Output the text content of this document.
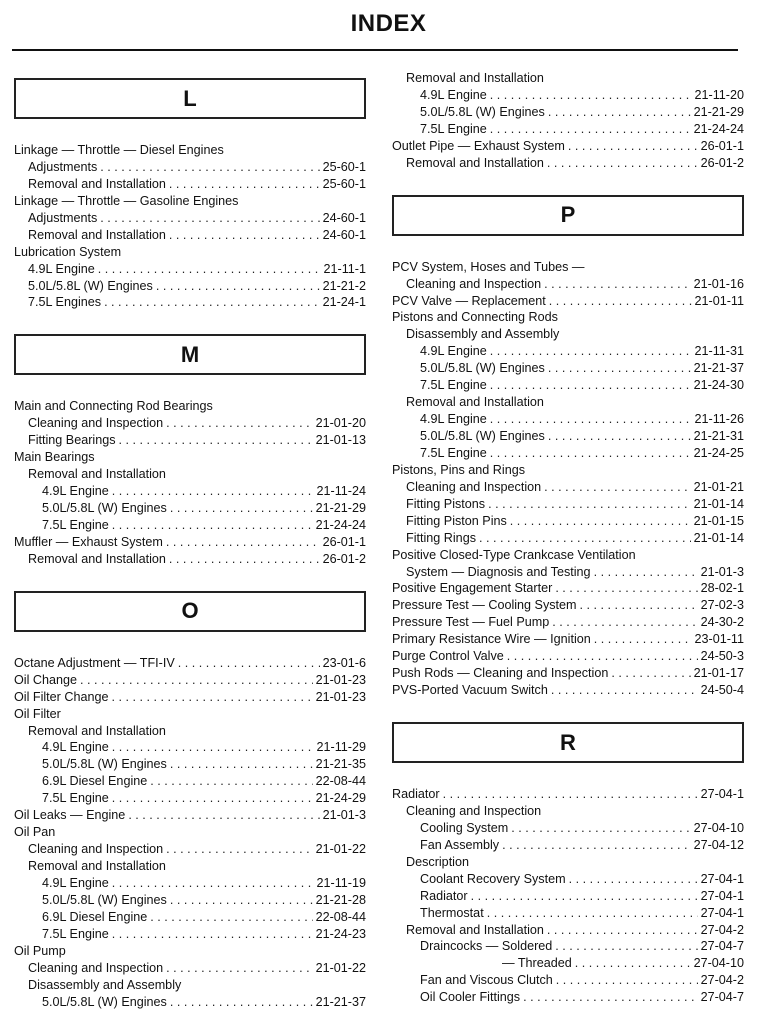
INDEX
L
Linkage — Throttle — Diesel Engines
Adjustments . . .	25-60-1
Removal and Installation . . .	25-60-1
Linkage — Throttle — Gasoline Engines
Adjustments . . .	24-60-1
Removal and Installation . . .	24-60-1
Lubrication System
4.9L Engine . . .	21-11-1
5.0L/5.8L (W) Engines . . .	21-21-2
7.5L Engines . . .	21-24-1
M
Main and Connecting Rod Bearings
Cleaning and Inspection . . .	21-01-20
Fitting Bearings . . .	21-01-13
Main Bearings
Removal and Installation
4.9L Engine . . .	21-11-24
5.0L/5.8L (W) Engines . . .	21-21-29
7.5L Engine . . .	21-24-24
Muffler — Exhaust System . . .	26-01-1
Removal and Installation . . .	26-01-2
O
Octane Adjustment — TFI-IV . . .	23-01-6
Oil Change . . .	21-01-23
Oil Filter Change . . .	21-01-23
Oil Filter
Removal and Installation
4.9L Engine . . .	21-11-29
5.0L/5.8L (W) Engines . . .	21-21-35
6.9L Diesel Engine . . .	22-08-44
7.5L Engine . . .	21-24-29
Oil Leaks — Engine . . .	21-01-3
Oil Pan
Cleaning and Inspection . . .	21-01-22
Removal and Installation
4.9L Engine . . .	21-11-19
5.0L/5.8L (W) Engines . . .	21-21-28
6.9L Diesel Engine . . .	22-08-44
7.5L Engine . . .	21-24-23
Oil Pump
Cleaning and Inspection . . .	21-01-22
Disassembly and Assembly
5.0L/5.8L (W) Engines . . .	21-21-37
Removal and Installation
4.9L Engine . . .	21-11-20
5.0L/5.8L (W) Engines . . .	21-21-29
7.5L Engine . . .	21-24-24
Outlet Pipe — Exhaust System . . .	26-01-1
Removal and Installation . . .	26-01-2
P
PCV System, Hoses and Tubes —
Cleaning and Inspection . . .	21-01-16
PCV Valve — Replacement . . .	21-01-11
Pistons and Connecting Rods
Disassembly and Assembly
4.9L Engine . . .	21-11-31
5.0L/5.8L (W) Engines . . .	21-21-37
7.5L Engine . . .	21-24-30
Removal and Installation
4.9L Engine . . .	21-11-26
5.0L/5.8L (W) Engines . . .	21-21-31
7.5L Engine . . .	21-24-25
Pistons, Pins and Rings
Cleaning and Inspection . . .	21-01-21
Fitting Pistons . . .	21-01-14
Fitting Piston Pins . . .	21-01-15
Fitting Rings . . .	21-01-14
Positive Closed-Type Crankcase Ventilation
System — Diagnosis and Testing . . .	21-01-3
Positive Engagement Starter . . .	28-02-1
Pressure Test — Cooling System . . .	27-02-3
Pressure Test — Fuel Pump . . .	24-30-2
Primary Resistance Wire — Ignition . . .	23-01-11
Purge Control Valve . . .	24-50-3
Push Rods — Cleaning and Inspection . . .	21-01-17
PVS-Ported Vacuum Switch . . .	24-50-4
R
Radiator . . .	27-04-1
Cleaning and Inspection
Cooling System . . .	27-04-10
Fan Assembly . . .	27-04-12
Description
Coolant Recovery System . . .	27-04-1
Radiator . . .	27-04-1
Thermostat . . .	27-04-1
Removal and Installation . . .	27-04-2
Draincocks — Soldered . . .	27-04-7
— Threaded . . .	27-04-10
Fan and Viscous Clutch . . .	27-04-2
Oil Cooler Fittings . . .	27-04-7
